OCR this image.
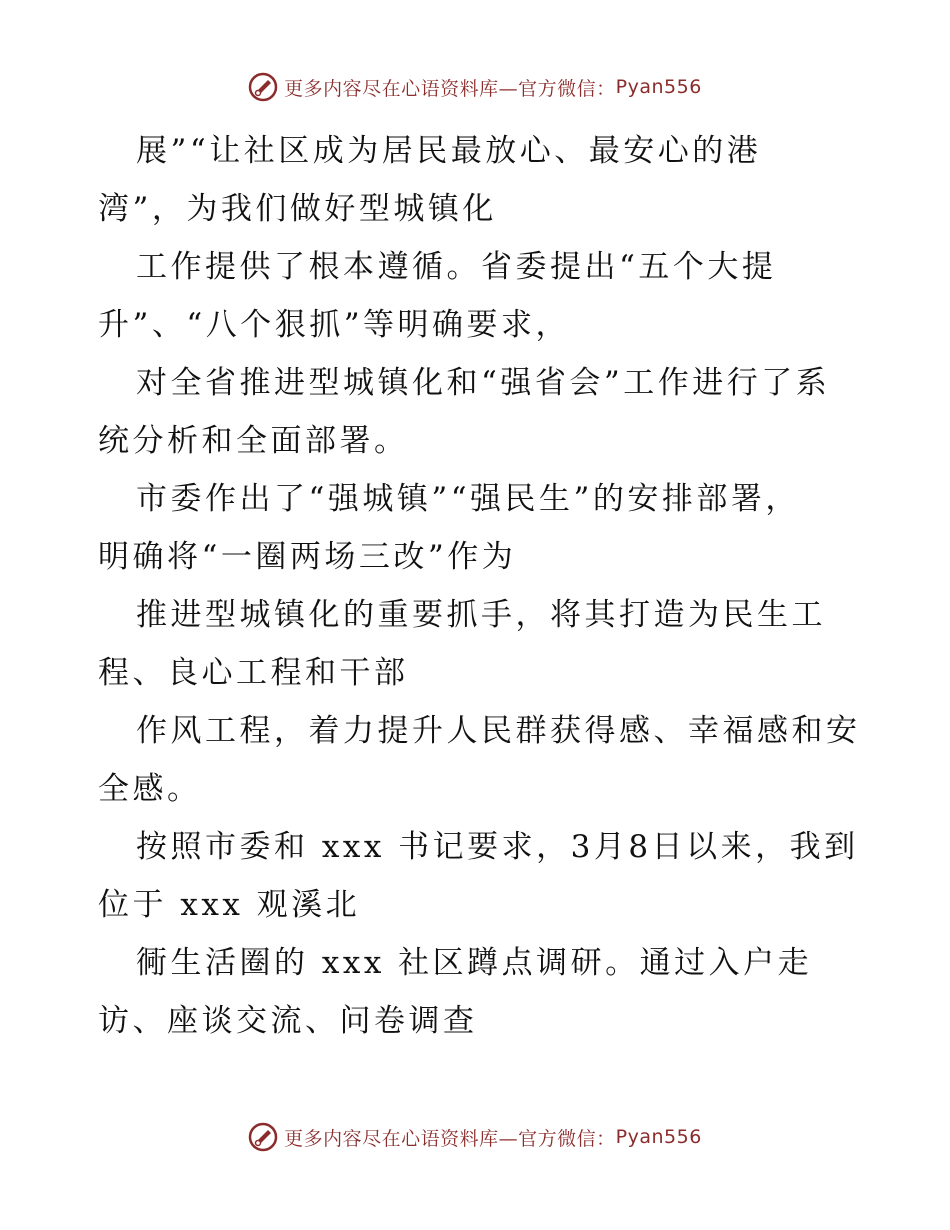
更多内容尽在心语资料库—官方微信： Pyan556

展”“让社区成为居民最放心、最安心的港
湾”，为我们做好型城镇化

工作提供了根本遵循。省委提出“五个大提
升”、“八个狠抓”等明确要求，

对全省推进型城镇化和“强省会”工作进行了系
统分析和全面部署。

市委作出了“强城镇”“强民生”的安排部署，
明确将“一圈两场三改”作为

推进型城镇化的重要抓手，将其打造为民生工
程、良心工程和干部

作风工程，着力提升人民群获得感、幸福感和安
全感。

按照市委和 xxx 书记要求，3月8日以来，我到
位于 xxx 观溪北

衕生活圈的 xxx 社区蹲点调研。通过入户走
访、座谈交流、问卷调查

更多内容尽在心语资料库—官方微信： Pyan556
